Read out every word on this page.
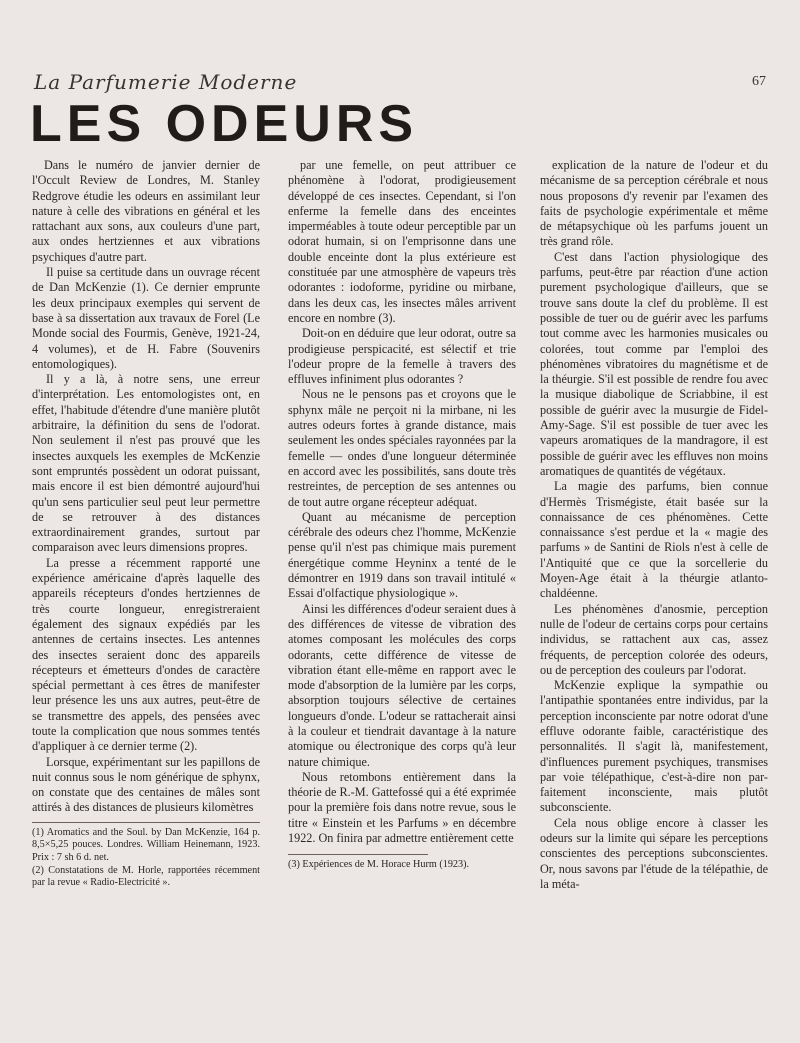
La Parfumerie Moderne	67
LES ODEURS

Dans le numéro de janvier dernier de l'Occult Review de Londres, M. Stanley Redgrove étudie les odeurs en assimilant leur nature à celle des vibrations en général et les rattachant aux sons, aux couleurs d'une part, aux ondes hertziennes et aux vibrations psychiques d'autre part.

Il puise sa certitude dans un ouvrage récent de Dan McKenzie (1). Ce dernier emprunte les deux principaux exemples qui servent de base à sa dissertation aux travaux de Forel (Le Monde social des Fourmis, Genève, 1921-24, 4 volumes), et de H. Fabre (Souvenirs entomologiques).

Il y a là, à notre sens, une erreur d'interprétation. Les entomologistes ont, en effet, l'habitude d'étendre d'une manière plutôt arbitraire, la définition du sens de l'odorat. Non seulement il n'est pas prouvé que les insectes auxquels les exemples de McKenzie sont empruntés possèdent un odorat puissant, mais encore il est bien démontré aujourd'hui qu'un sens particulier seul peut leur permettre de se retrouver à des distances extraordinairement grandes, surtout par comparaison avec leurs dimensions propres.

La presse a récemment rapporté une expérience américaine d'après laquelle des appareils récepteurs d'ondes hertziennes de très courte longueur, enregistreraient également des signaux expédiés par les antennes de certains insectes. Les antennes des insectes seraient donc des appareils récepteurs et émetteurs d'ondes de caractère spécial permettant à ces êtres de manifester leur présence les uns aux autres, peut-être de se transmettre des appels, des pensées avec toute la complication que nous sommes tentés d'appliquer à ce dernier terme (2).

Lorsque, expérimentant sur les papillons de nuit connus sous le nom générique de sphynx, on constate que des centaines de mâles sont attirés à des distances de plusieurs kilomètres

(1) Aromatics and the Soul. by Dan McKenzie, 164 p. 8,5×5,25 pouces. Londres. William Heinemann, 1923. Prix : 7 sh 6 d. net.

(2) Constatations de M. Horle, rapportées récemment par la revue « Radio-Electricité ».

par une femelle, on peut attribuer ce phénomène à l'odorat, prodigieusement développé de ces insectes. Cependant, si l'on enferme la femelle dans des enceintes imperméables à toute odeur perceptible par un odorat humain, si on l'emprisonne dans une double enceinte dont la plus extérieure est constituée par une atmosphère de vapeurs très odorantes : iodoforme, pyridine ou mirbane, dans les deux cas, les insectes mâles arrivent encore en nombre (3).

Doit-on en déduire que leur odorat, outre sa prodigieuse perspicacité, est sélectif et trie l'odeur propre de la femelle à travers des effluves infiniment plus odorantes ?

Nous ne le pensons pas et croyons que le sphynx mâle ne perçoit ni la mirbane, ni les autres odeurs fortes à grande distance, mais seulement les ondes spéciales rayonnées par la femelle — ondes d'une longueur déterminée en accord avec les possibilités, sans doute très restreintes, de perception de ses antennes ou de tout autre organe récepteur adéquat.

Quant au mécanisme de perception cérébrale des odeurs chez l'homme, McKenzie pense qu'il n'est pas chimique mais purement énergétique comme Heyninx a tenté de le démontrer en 1919 dans son travail intitulé « Essai d'olfactique physiologique ».

Ainsi les différences d'odeur seraient dues à des différences de vitesse de vibration des atomes composant les molécules des corps odorants, cette différence de vitesse de vibration étant elle-même en rapport avec le mode d'absorption de la lumière par les corps, absorption toujours sélective de certaines longueurs d'onde. L'odeur se rattacherait ainsi à la couleur et tiendrait davantage à la nature atomique ou électronique des corps qu'à leur nature chimique.

Nous retombons entièrement dans la théorie de R.-M. Gattefossé qui a été exprimée pour la première fois dans notre revue, sous le titre « Einstein et les Parfums » en décembre 1922. On finira par admettre entièrement cette

(3) Expériences de M. Horace Hurm (1923).

explication de la nature de l'odeur et du mécanisme de sa perception cérébrale et nous nous proposons d'y revenir par l'examen des faits de psychologie expérimentale et même de métapsychique où les parfums jouent un très grand rôle.

C'est dans l'action physiologique des parfums, peut-être par réaction d'une action purement psychologique d'ailleurs, que se trouve sans doute la clef du problème. Il est possible de tuer ou de guérir avec les parfums tout comme avec les harmonies musicales ou colorées, tout comme par l'emploi des phénomènes vibratoires du magnétisme et de la théurgie. S'il est possible de rendre fou avec la musique diabolique de Scriabbine, il est possible de guérir avec la musurgie de Fidel-Amy-Sage. S'il est possible de tuer avec les vapeurs aromatiques de la mandragore, il est possible de guérir avec les effluves non moins aromatiques de quantités de végétaux.

La magie des parfums, bien connue d'Hermès Trismégiste, était basée sur la connaissance de ces phénomènes. Cette connaissance s'est perdue et la « magie des parfums » de Santini de Riols n'est à celle de l'Antiquité que ce que la sorcellerie du Moyen-Age était à la théurgie atlanto-chaldéenne.

Les phénomènes d'anosmie, perception nulle de l'odeur de certains corps pour certains individus, se rattachent aux cas, assez fréquents, de perception colorée des odeurs, ou de perception des couleurs par l'odorat.

McKenzie explique la sympathie ou l'antipathie spontanées entre individus, par la perception inconsciente par notre odorat d'une effluve odorante faible, caractéristique des personnalités. Il s'agit là, manifestement, d'influences purement psychiques, transmises par voie télépathique, c'est-à-dire non par-faitement inconsciente, mais plutôt subconsciente.

Cela nous oblige encore à classer les odeurs sur la limite qui sépare les perceptions conscientes des perceptions subconscientes. Or, nous savons par l'étude de la télépathie, de la méta-
